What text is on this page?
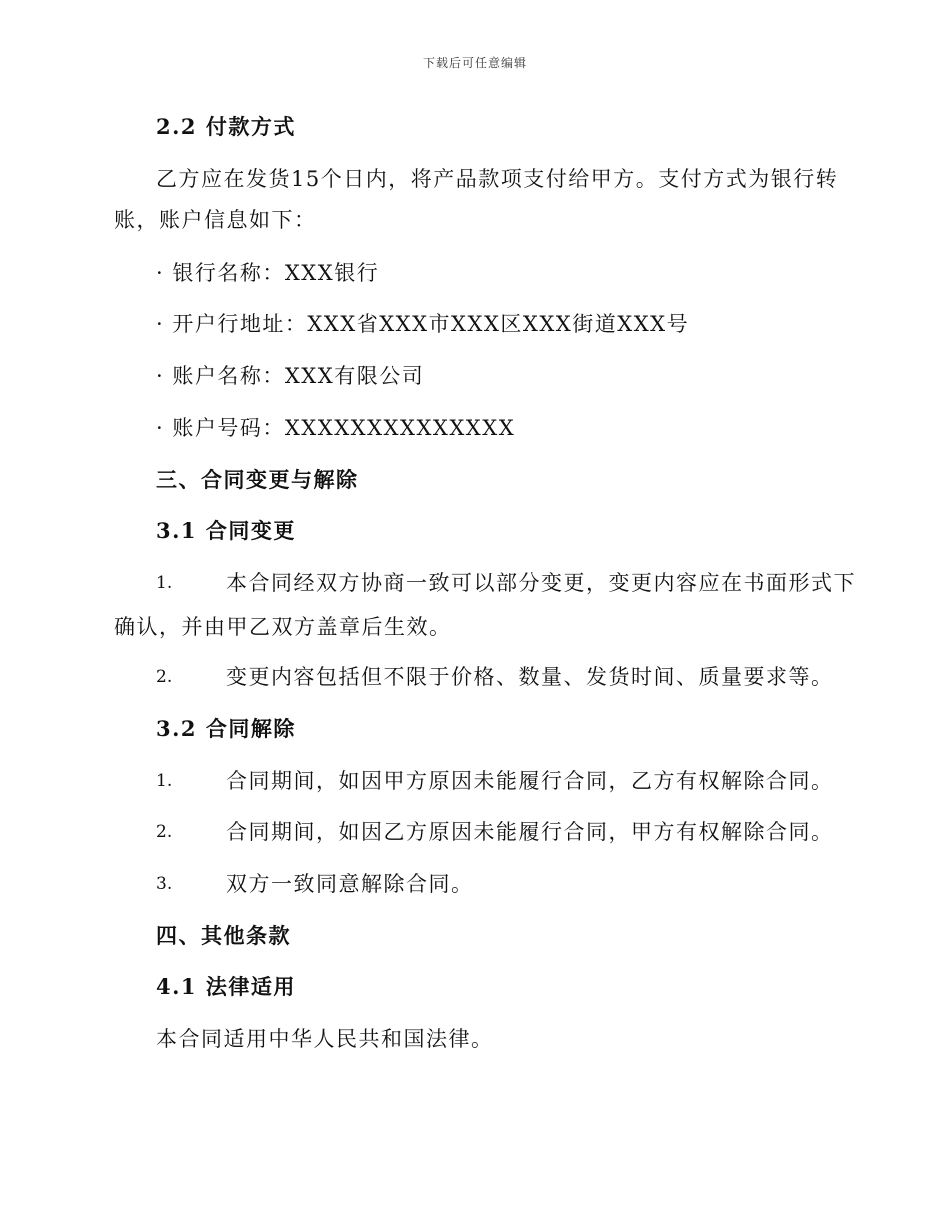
下载后可任意编辑
2.2 付款方式
乙方应在发货15个日内，将产品款项支付给甲方。支付方式为银行转
账，账户信息如下：
· 银行名称：XXX银行
· 开户行地址：XXX省XXX市XXX区XXX街道XXX号
· 账户名称：XXX有限公司
· 账户号码：XXXXXXXXXXXXXX
三、合同变更与解除
3.1 合同变更
1.	本合同经双方协商一致可以部分变更，变更内容应在书面形式下
确认，并由甲乙双方盖章后生效。
2.	变更内容包括但不限于价格、数量、发货时间、质量要求等。
3.2 合同解除
1.	合同期间，如因甲方原因未能履行合同，乙方有权解除合同。
2.	合同期间，如因乙方原因未能履行合同，甲方有权解除合同。
3.	双方一致同意解除合同。
四、其他条款
4.1 法律适用
本合同适用中华人民共和国法律。
